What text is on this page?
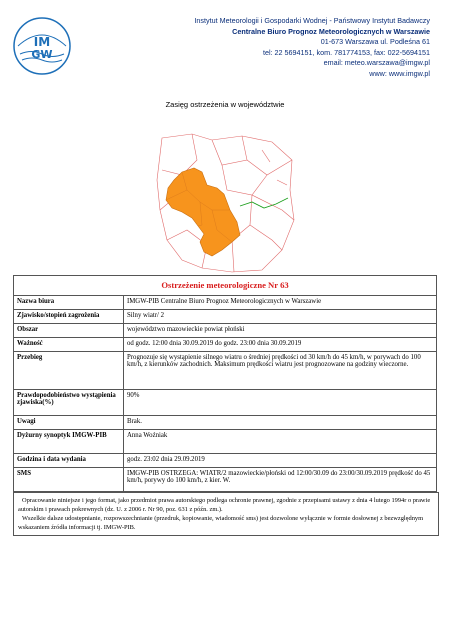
IM
GW
Instytut Meteorologii i Gospodarki Wodnej - Państwowy Instytut Badawczy
Centralne Biuro Prognoz Meteorologicznych w Warszawie
01-673 Warszawa ul. Podleśna 61
tel: 22 5694151, kom. 781774153, fax: 022-5694151
email: meteo.warszawa@imgw.pl
www: www.imgw.pl
Zasięg ostrzeżenia w województwie
Ostrzeżenie meteorologiczne Nr 63	
Nazwa biura	IMGW-PIB Centralne Biuro Prognoz Meteorologicznych w Warszawie
Zjawisko/stopień zagrożenia	Silny wiatr/ 2
Obszar	województwo mazowieckie powiat płoński
Ważność	od godz. 12:00 dnia 30.09.2019 do godz. 23:00 dnia 30.09.2019
Przebieg	Prognozuje się wystąpienie silnego wiatru o średniej prędkości od 30 km/h do 45 km/h, w porywach do 100 km/h, z kierunków zachodnich. Maksimum prędkości wiatru jest prognozowane na godziny wieczorne.
Prawdopodobieństwo wystąpienia zjawiska(%)	90%
Uwagi	Brak.
Dyżurny synoptyk IMGW-PIB	Anna Woźniak
Godzina i data wydania	godz. 23:02 dnia 29.09.2019
SMS	IMGW-PIB OSTRZEGA: WIATR/2 mazowieckie/płoński od 12:00/30.09 do 23:00/30.09.2019 prędkość do 45 km/h, porywy do 100 km/h, z kier. W.

Opracowanie niniejsze i jego format, jako przedmiot prawa autorskiego podlega ochronie prawnej, zgodnie z przepisami ustawy z dnia 4 lutego 1994r o prawie autorskim i prawach pokrewnych (dz. U. z 2006 r. Nr 90, poz. 631 z późn. zm.).

Wszelkie dalsze udostępnianie, rozpowszechnianie (przedruk, kopiowanie, wiadomość sms) jest dozwolone wyłącznie w formie dosłownej z bezwzględnym wskazaniem źródła informacji tj. IMGW-PIB.
